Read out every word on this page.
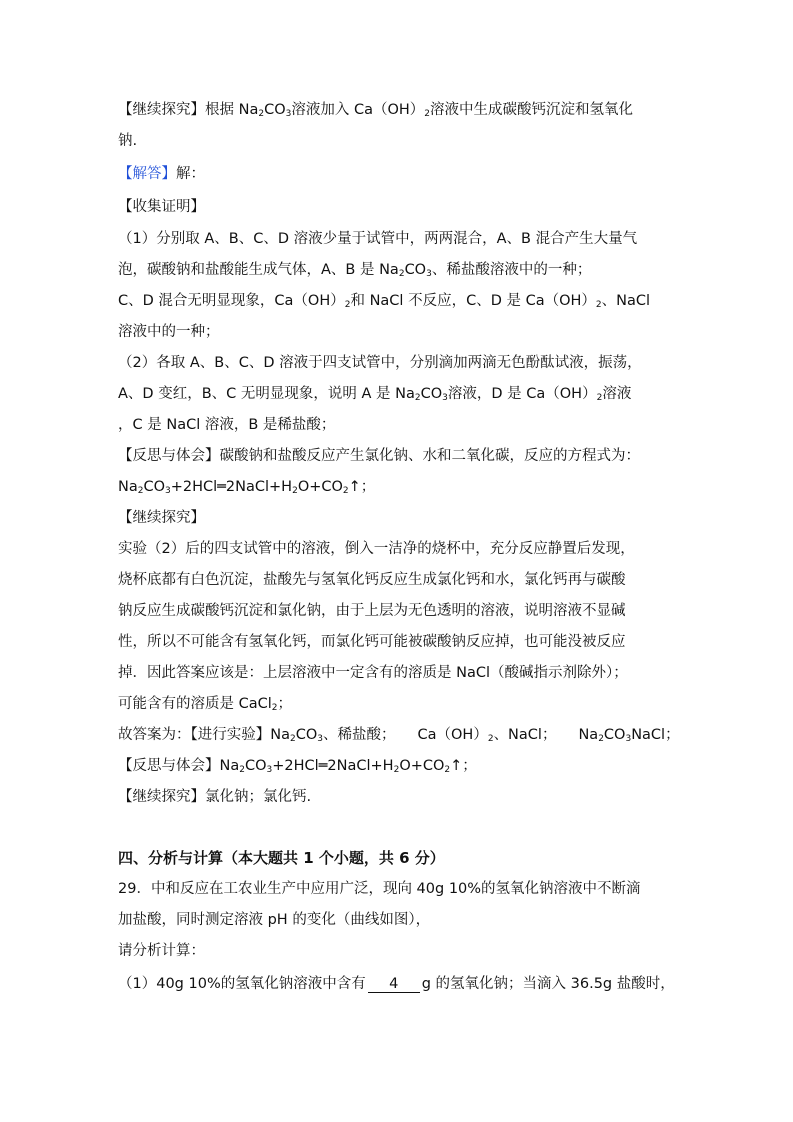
【继续探究】根据 $Na_2CO_3$溶液加入 $Ca(OH)_2$溶液中生成碳酸钙沉淀和氢氧化

钠.

【解答】解：

【收集证明】

（1）分别取 A、B、C、D 溶液少量于试管中，两两混合，A、B 混合产生大量气

泡，碳酸钠和盐酸能生成气体，A、B 是 $Na_2CO_3$、稀盐酸溶液中的一种；

C、D 混合无明显现象，$Ca(OH)_2$和 NaCl 不反应，C、D 是 $Ca(OH)_2$、NaCl

溶液中的一种；

（2）各取 A、B、C、D 溶液于四支试管中，分别滴加两滴无色酚酞试液，振荡，

A、D 变红，B、C 无明显现象，说明 A 是 $Na_2CO_3$溶液，D 是 $Ca(OH)_2$溶液

，C 是 NaCl 溶液，B 是稀盐酸；

【反思与体会】碳酸钠和盐酸反应产生氯化钠、水和二氧化碳，反应的方程式为：

$Na_2CO_3+2HCl═2NaCl+H_2O+CO_2↑$；

【继续探究】

实验（2）后的四支试管中的溶液，倒入一洁净的烧杯中，充分反应静置后发现，

烧杯底都有白色沉淀，盐酸先与氢氧化钙反应生成氯化钙和水，氯化钙再与碳酸

钠反应生成碳酸钙沉淀和氯化钠，由于上层为无色透明的溶液，说明溶液不显碱

性，所以不可能含有氢氧化钙，而氯化钙可能被碳酸钠反应掉，也可能没被反应

掉．因此答案应该是：上层溶液中一定含有的溶质是 NaCl（酸碱指示剂除外）；

可能含有的溶质是 CaCl$_2$；

故答案为：【进行实验】$Na_2CO_3$、稀盐酸； $Ca(OH)_2$、NaCl； $Na_2CO_3NaCl$；

【反思与体会】$Na_2CO_3+2HCl═2NaCl+H_2O+CO_2↑$；

【继续探究】氯化钠；氯化钙.

四、分析与计算（本大题共 1 个小题，共 6 分）

29．中和反应在工农业生产中应用广泛，现向 40g 10%的氢氧化钠溶液中不断滴

加盐酸，同时测定溶液 pH 的变化（曲线如图），

请分析计算：

（1）40g 10%的氢氧化钠溶液中含有 4 g 的氢氧化钠；当滴入 36.5g 盐酸时，
